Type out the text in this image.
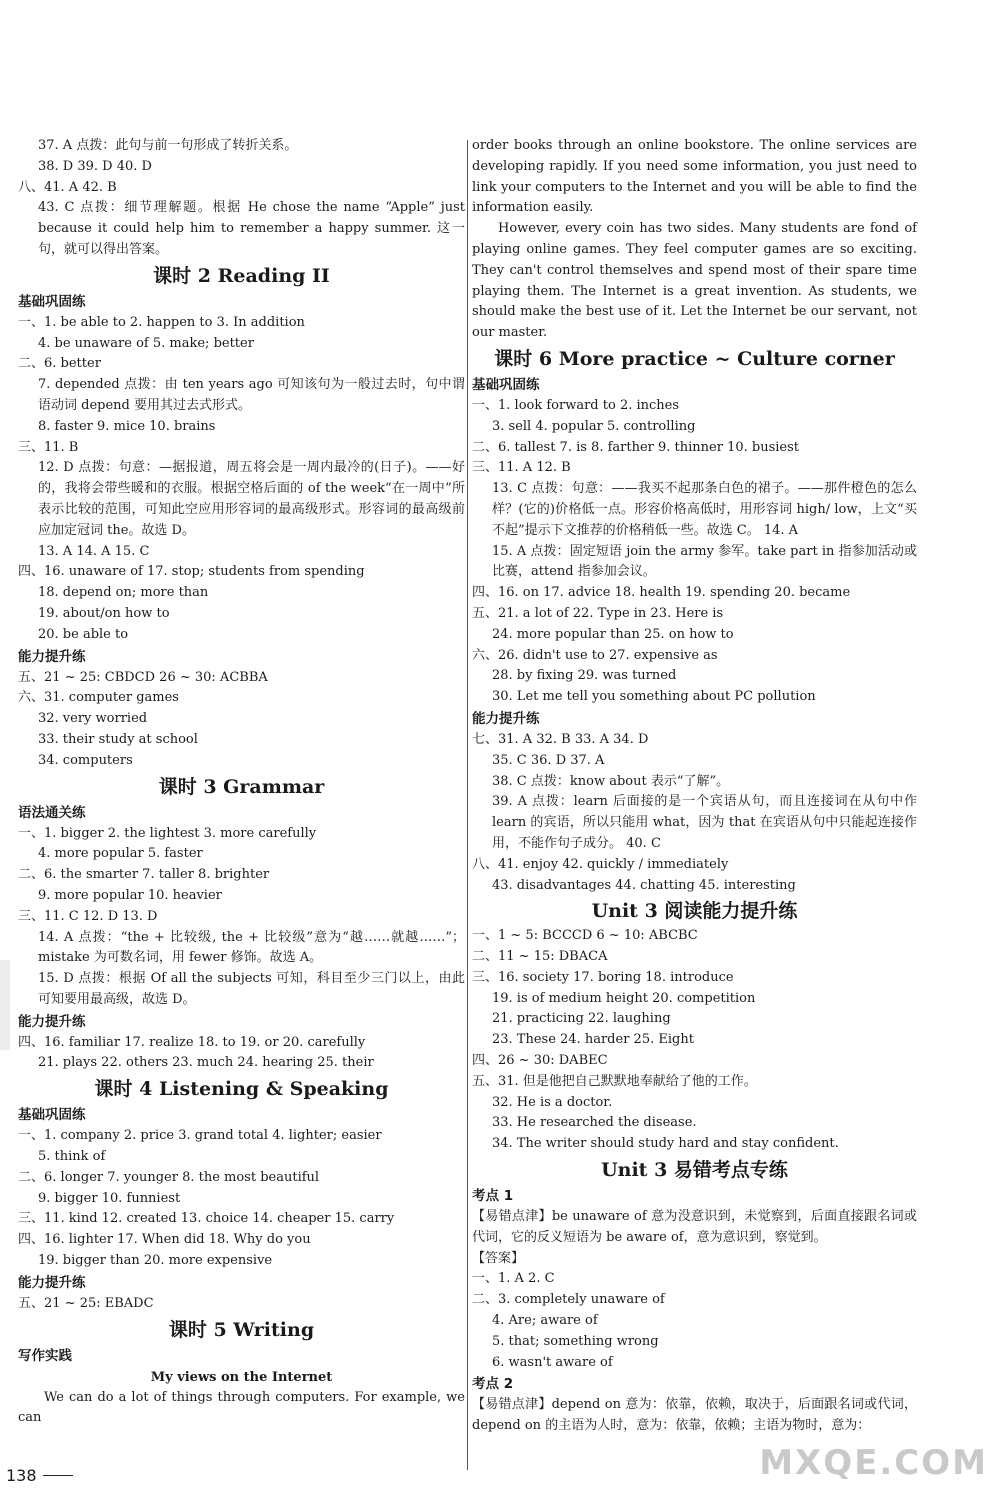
37. A 点拨：此句与前一句形成了转折关系。
38. D 39. D 40. D
八、41. A 42. B
43. C 点拨：细节理解题。根据 He chose the name “Apple” just because it could help him to remember a happy summer. 这一句，就可以得出答案。
课时 2 Reading II
基础巩固练
一、1. be able to 2. happen to 3. In addition
4. be unaware of 5. make; better
二、6. better
7. depended 点拨：由 ten years ago 可知该句为一般过去时，句中谓语动词 depend 要用其过去式形式。
8. faster 9. mice 10. brains
三、11. B
12. D 点拨：句意：—据报道，周五将会是一周内最冷的(日子)。——好的，我将会带些暖和的衣服。根据空格后面的 of the week“在一周中”所表示比较的范围，可知此空应用形容词的最高级形式。形容词的最高级前应加定冠词 the。故选 D。
13. A 14. A 15. C
四、16. unaware of 17. stop; students from spending
18. depend on; more than
19. about/on how to
20. be able to
能力提升练
五、21 ~ 25: CBDCD 26 ~ 30: ACBBA
六、31. computer games
32. very worried
33. their study at school
34. computers
课时 3 Grammar
语法通关练
一、1. bigger 2. the lightest 3. more carefully
4. more popular 5. faster
二、6. the smarter 7. taller 8. brighter
9. more popular 10. heavier
三、11. C 12. D 13. D
14. A 点拨：“the + 比较级, the + 比较级”意为“越……就越……”；mistake 为可数名词，用 fewer 修饰。故选 A。
15. D 点拨：根据 Of all the subjects 可知，科目至少三门以上，由此可知要用最高级，故选 D。
能力提升练
四、16. familiar 17. realize 18. to 19. or 20. carefully
21. plays 22. others 23. much 24. hearing 25. their
课时 4 Listening & Speaking
基础巩固练
一、1. company 2. price 3. grand total 4. lighter; easier
5. think of
二、6. longer 7. younger 8. the most beautiful
9. bigger 10. funniest
三、11. kind 12. created 13. choice 14. cheaper 15. carry
四、16. lighter 17. When did 18. Why do you
19. bigger than 20. more expensive
能力提升练
五、21 ~ 25: EBADC
课时 5 Writing
写作实践
My views on the Internet
We can do a lot of things through computers. For example, we can
order books through an online bookstore. The online services are developing rapidly. If you need some information, you just need to link your computers to the Internet and you will be able to find the information easily.
However, every coin has two sides. Many students are fond of playing online games. They feel computer games are so exciting. They can't control themselves and spend most of their spare time playing them. The Internet is a great invention. As students, we should make the best use of it. Let the Internet be our servant, not our master.
课时 6 More practice ~ Culture corner
基础巩固练
一、1. look forward to 2. inches
3. sell 4. popular 5. controlling
二、6. tallest 7. is 8. farther 9. thinner 10. busiest
三、11. A 12. B
13. C 点拨：句意：——我买不起那条白色的裙子。——那件橙色的怎么样？(它的)价格低一点。形容价格高低时，用形容词 high/ low，上文“买不起”提示下文推荐的价格稍低一些。故选 C。 14. A
15. A 点拨：固定短语 join the army 参军。take part in 指参加活动或比赛，attend 指参加会议。
四、16. on 17. advice 18. health 19. spending 20. became
五、21. a lot of 22. Type in 23. Here is
24. more popular than 25. on how to
六、26. didn't use to 27. expensive as
28. by fixing 29. was turned
30. Let me tell you something about PC pollution
能力提升练
七、31. A 32. B 33. A 34. D
35. C 36. D 37. A
38. C 点拨：know about 表示“了解”。
39. A 点拨：learn 后面接的是一个宾语从句，而且连接词在从句中作 learn 的宾语，所以只能用 what，因为 that 在宾语从句中只能起连接作用，不能作句子成分。 40. C
八、41. enjoy 42. quickly / immediately
43. disadvantages 44. chatting 45. interesting
Unit 3 阅读能力提升练
一、1 ~ 5: BCCCD 6 ~ 10: ABCBC
二、11 ~ 15: DBACA
三、16. society 17. boring 18. introduce
19. is of medium height 20. competition
21. practicing 22. laughing
23. These 24. harder 25. Eight
四、26 ~ 30: DABEC
五、31. 但是他把自己默默地奉献给了他的工作。
32. He is a doctor.
33. He researched the disease.
34. The writer should study hard and stay confident.
Unit 3 易错考点专练
考点 1
【易错点津】be unaware of 意为没意识到，未觉察到，后面直接跟名词或代词，它的反义短语为 be aware of，意为意识到，察觉到。
【答案】
一、1. A 2. C
二、3. completely unaware of
4. Are; aware of
5. that; something wrong
6. wasn't aware of
考点 2
【易错点津】depend on 意为：依靠，依赖，取决于，后面跟名词或代词，depend on 的主语为人时，意为：依靠，依赖；主语为物时，意为：
138	MXQE.COM
